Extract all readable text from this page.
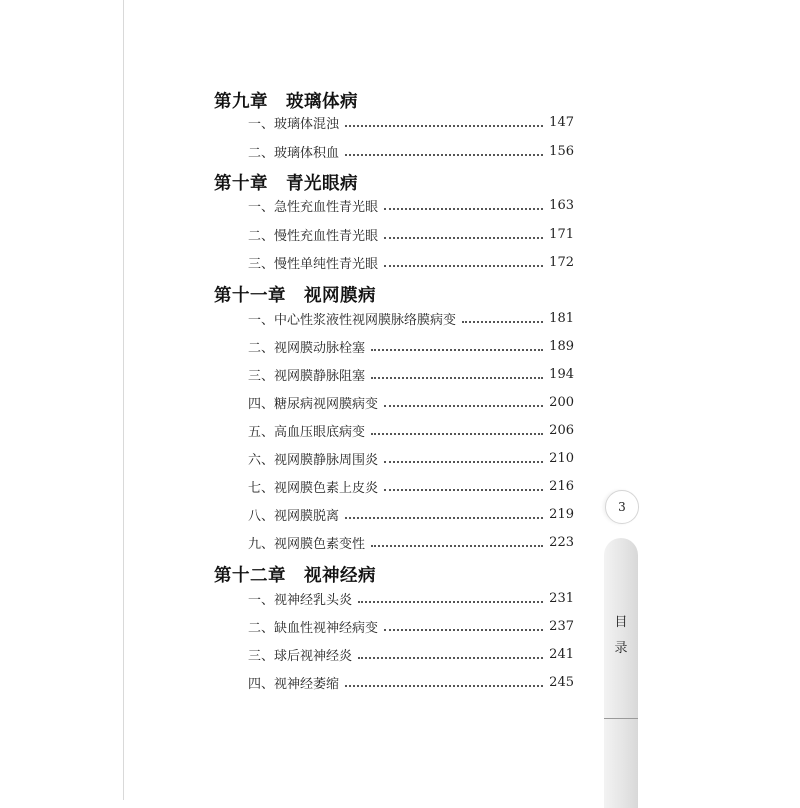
第九章 玻璃体病
一、玻璃体混浊	147
二、玻璃体积血	156
第十章 青光眼病
一、急性充血性青光眼	163
二、慢性充血性青光眼	171
三、慢性单纯性青光眼	172
第十一章 视网膜病
一、中心性浆液性视网膜脉络膜病变	181
二、视网膜动脉栓塞	189
三、视网膜静脉阻塞	194
四、糖尿病视网膜病变	200
五、高血压眼底病变	206
六、视网膜静脉周围炎	210
七、视网膜色素上皮炎	216
八、视网膜脱离	219
九、视网膜色素变性	223
第十二章 视神经病
一、视神经乳头炎	231
二、缺血性视神经病变	237
三、球后视神经炎	241
四、视神经萎缩	245
3
目
录
